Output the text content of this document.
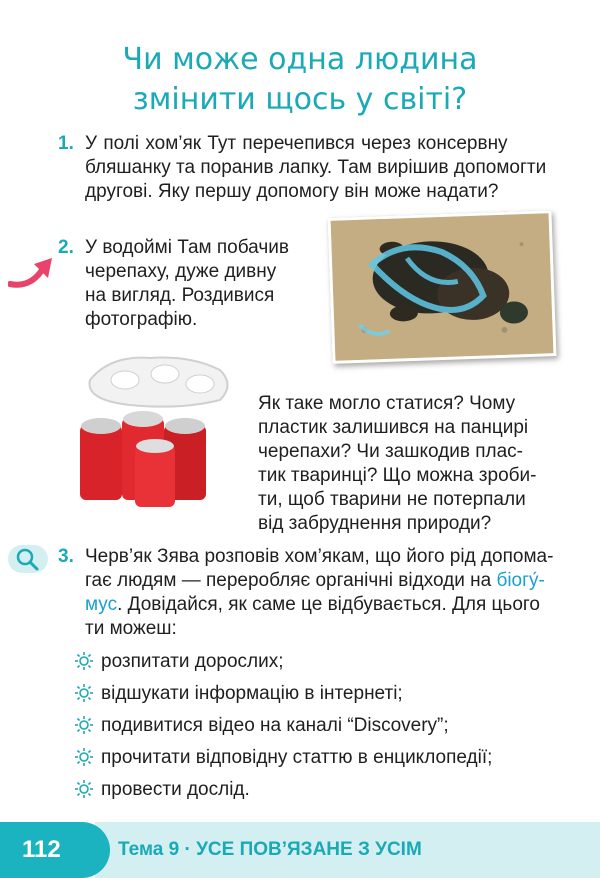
Чи може одна людина
змінити щось у світі?
1. У полі хом’як Тут перечепився через консервну
бляшанку та поранив лапку. Там вирішив допомогти
другові. Яку першу допомогу він може надати?
2. У водоймі Там побачив
черепаху, дуже дивну
на вигляд. Роздивися
фотографію.
Як таке могло статися? Чому
пластик залишився на панцирі
черепахи? Чи зашкодив плас-
тик тваринці? Що можна зроби-
ти, щоб тварини не потерпали
від забруднення природи?
3. Черв’як Зява розповів хом’якам, що його рід допома-
гає людям — переробляє органічні відходи на біогу́-
мус. Довідайся, як саме це відбувається. Для цього
ти можеш:
розпитати дорослих;
відшукати інформацію в інтернеті;
подивитися відео на каналі “Discovery”;
прочитати відповідну статтю в енциклопедії;
провести дослід.
112	Тема 9 · УСЕ ПОВ’ЯЗАНЕ З УСІМ
